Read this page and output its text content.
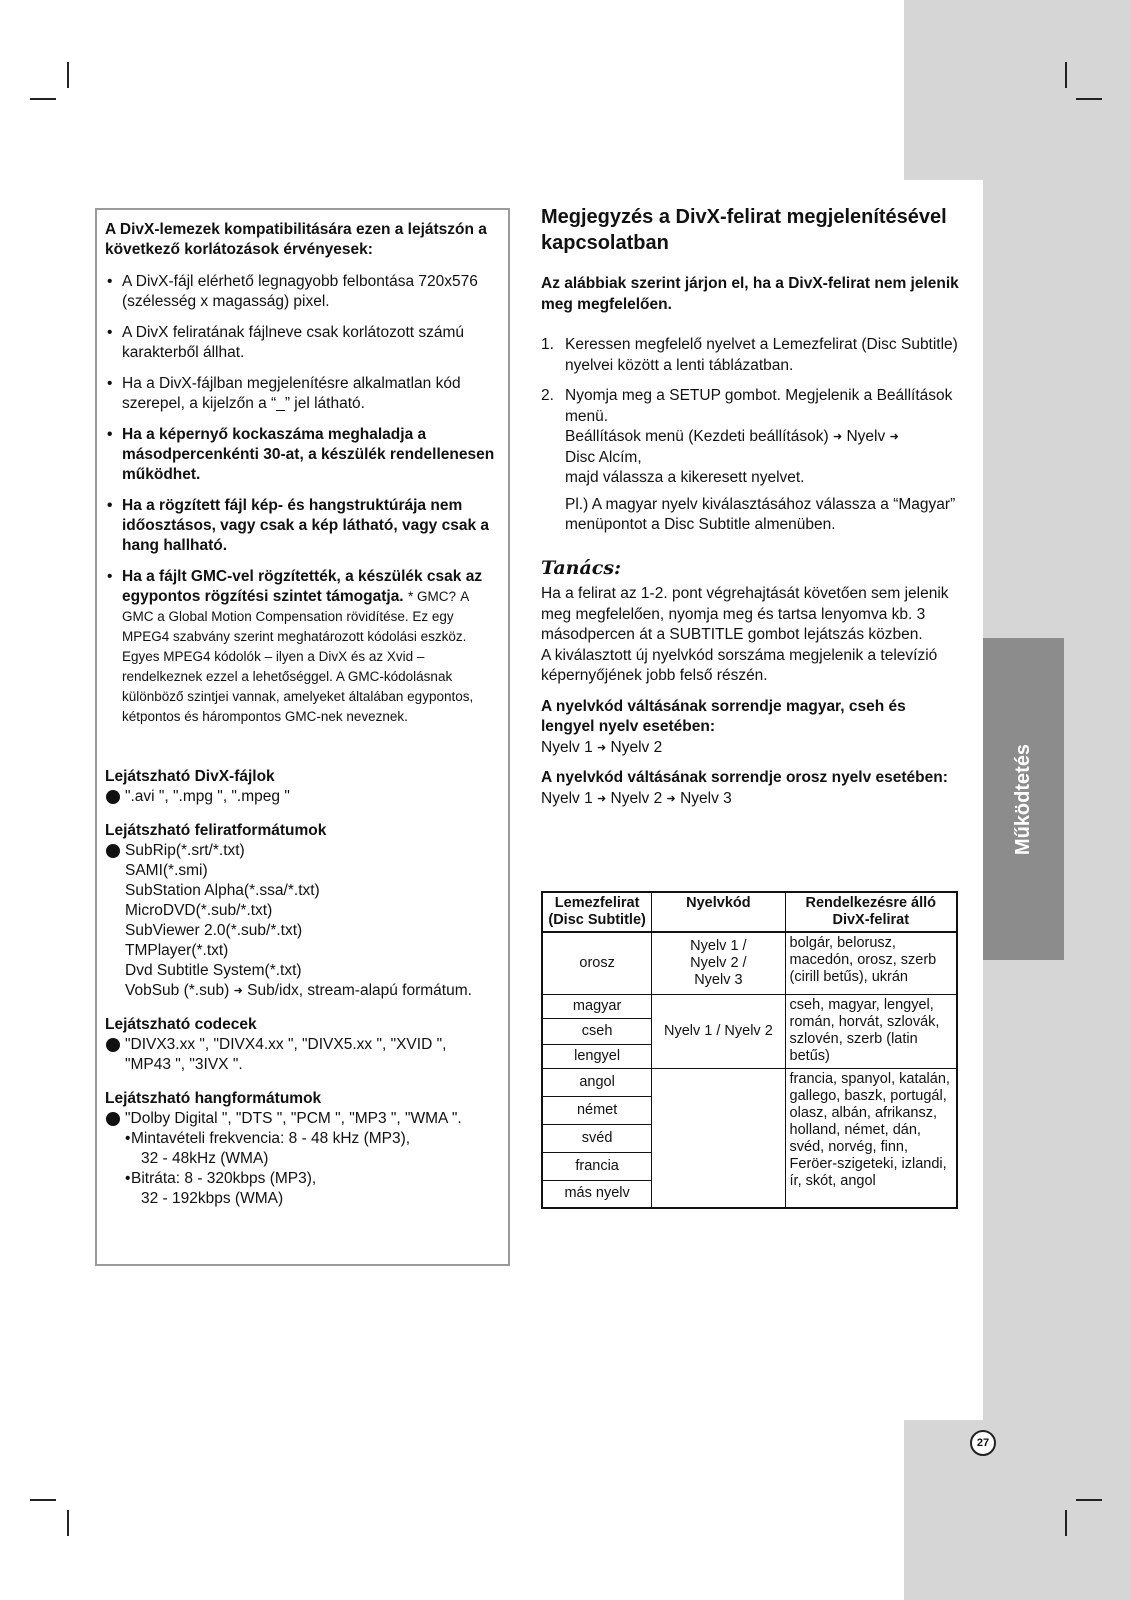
Működtetés
27
A DivX-lemezek kompatibilitására ezen a lejátszón a következő korlátozások érvényesek:
• A DivX-fájl elérhető legnagyobb felbontása 720x576 (szélesség x magasság) pixel.
• A DivX feliratának fájlneve csak korlátozott számú karakterből állhat.
• Ha a DivX-fájlban megjelenítésre alkalmatlan kód szerepel, a kijelzőn a “_” jel látható.
• Ha a képernyő kockaszáma meghaladja a másodpercenkénti 30-at, a készülék rendellenesen működhet.
• Ha a rögzített fájl kép- és hangstruktúrája nem időosztásos, vagy csak a kép látható, vagy csak a hang hallható.
• Ha a fájlt GMC-vel rögzítették, a készülék csak az egypontos rögzítési szintet támogatja. * GMC? A GMC a Global Motion Compensation rövidítése. Ez egy MPEG4 szabvány szerint meghatározott kódolási eszköz. Egyes MPEG4 kódolók – ilyen a DivX és az Xvid – rendelkeznek ezzel a lehetőséggel. A GMC-kódolásnak különböző szintjei vannak, amelyeket általában egypontos, kétpontos és hárompontos GMC-nek neveznek.
Lejátszható DivX-fájlok
".avi ", ".mpg ", ".mpeg "
Lejátszható feliratformátumok
SubRip(*.srt/*.txt)
SAMI(*.smi)
SubStation Alpha(*.ssa/*.txt)
MicroDVD(*.sub/*.txt)
SubViewer 2.0(*.sub/*.txt)
TMPlayer(*.txt)
Dvd Subtitle System(*.txt)
VobSub (*.sub) ➜ Sub/idx, stream-alapú formátum.
Lejátszható codecek
"DIVX3.xx ", "DIVX4.xx ", "DIVX5.xx ", "XVID ",
"MP43 ", "3IVX ".
Lejátszható hangformátumok
"Dolby Digital ", "DTS ", "PCM ", "MP3 ", "WMA ".
• Mintavételi frekvencia: 8 - 48 kHz (MP3),
32 - 48kHz (WMA)
• Bitráta: 8 - 320kbps (MP3),
32 - 192kbps (WMA)
Megjegyzés a DivX-felirat megjelenítésével kapcsolatban
Az alábbiak szerint járjon el, ha a DivX-felirat nem jelenik meg megfelelően.
1. Keressen megfelelő nyelvet a Lemezfelirat (Disc Subtitle) nyelvei között a lenti táblázatban.
2. Nyomja meg a SETUP gombot. Megjelenik a Beállítások menü.
Beállítások menü (Kezdeti beállítások) ➜ Nyelv ➜
Disc Alcím,
majd válassza a kikeresett nyelvet.
Pl.) A magyar nyelv kiválasztásához válassza a “Magyar” menüpontot a Disc Subtitle almenüben.
Tanács:
Ha a felirat az 1-2. pont végrehajtását követően sem jelenik meg megfelelően, nyomja meg és tartsa lenyomva kb. 3 másodpercen át a SUBTITLE gombot lejátszás közben.
A kiválasztott új nyelvkód sorszáma megjelenik a televízió képernyőjének jobb felső részén.
A nyelvkód váltásának sorrendje magyar, cseh és lengyel nyelv esetében:
Nyelv 1 ➜ Nyelv 2
A nyelvkód váltásának sorrendje orosz nyelv esetében:
Nyelv 1 ➜ Nyelv 2 ➜ Nyelv 3
Lemezfelirat (Disc Subtitle)	Nyelvkód	Rendelkezésre álló DivX-felirat
orosz	Nyelv 1 / Nyelv 2 / Nyelv 3	bolgár, belorusz, macedón, orosz, szerb (cirill betűs), ukrán
magyar	Nyelv 1 / Nyelv 2	cseh, magyar, lengyel, román, horvát, szlovák, szlovén, szerb (latin betűs)
cseh		
lengyel		
angol		francia, spanyol, katalán, gallego, baszk, portugál, olasz, albán, afrikansz, holland, német, dán, svéd, norvég, finn, Feröer-szigeteki, izlandi, ír, skót, angol
német		
svéd		
francia		
más nyelv		
